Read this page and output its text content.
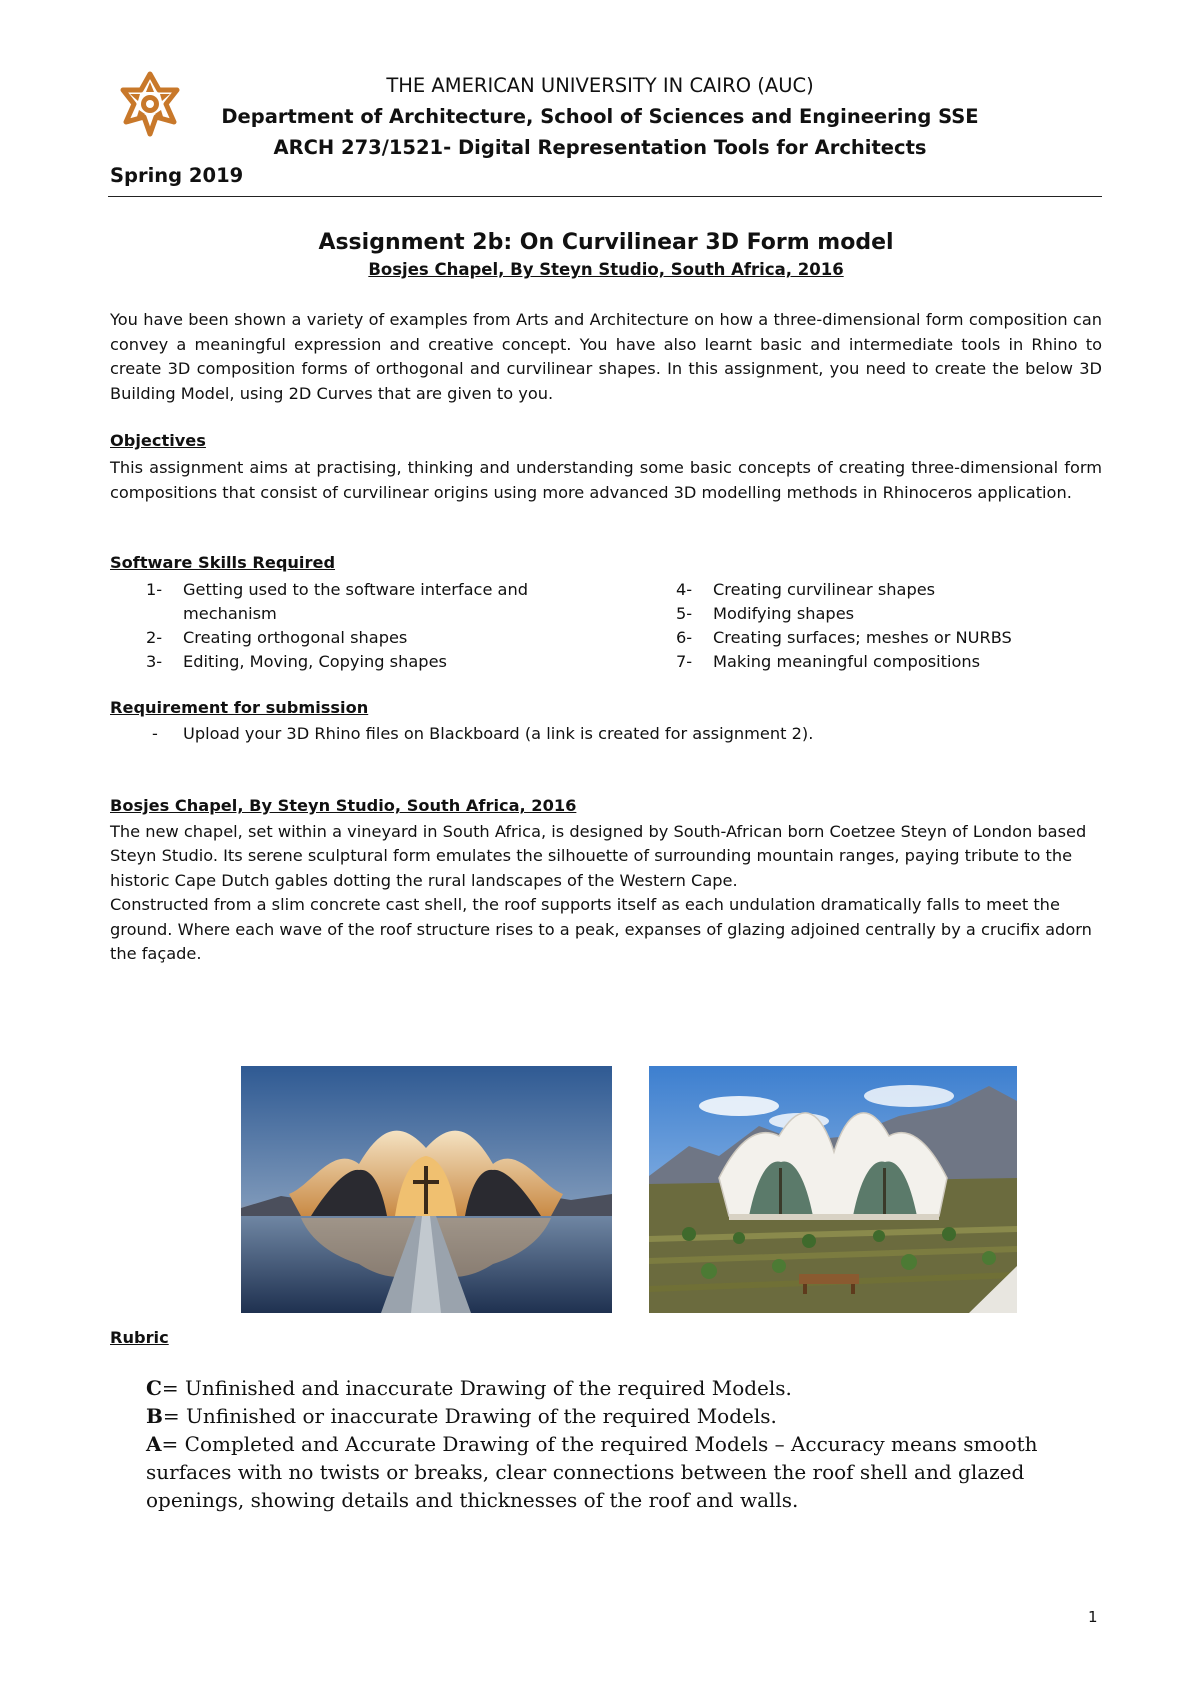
THE AMERICAN UNIVERSITY IN CAIRO (AUC)
Department of Architecture, School of Sciences and Engineering SSE
ARCH 273/1521- Digital Representation Tools for Architects
Spring 2019
Assignment 2b: On Curvilinear 3D Form model
Bosjes Chapel, By Steyn Studio, South Africa, 2016
You have been shown a variety of examples from Arts and Architecture on how a three-dimensional form composition can convey a meaningful expression and creative concept. You have also learnt basic and intermediate tools in Rhino to create 3D composition forms of orthogonal and curvilinear shapes. In this assignment, you need to create the below 3D Building Model, using 2D Curves that are given to you.
Objectives
This assignment aims at practising, thinking and understanding some basic concepts of creating three-dimensional form compositions that consist of curvilinear origins using more advanced 3D modelling methods in Rhinoceros application.
Software Skills Required
1- Getting used to the software interface and mechanism
2- Creating orthogonal shapes
3- Editing, Moving, Copying shapes
4- Creating curvilinear shapes
5- Modifying shapes
6- Creating surfaces; meshes or NURBS
7- Making meaningful compositions
Requirement for submission
- Upload your 3D Rhino files on Blackboard (a link is created for assignment 2).
Bosjes Chapel, By Steyn Studio, South Africa, 2016
The new chapel, set within a vineyard in South Africa, is designed by South-African born Coetzee Steyn of London based Steyn Studio. Its serene sculptural form emulates the silhouette of surrounding mountain ranges, paying tribute to the historic Cape Dutch gables dotting the rural landscapes of the Western Cape.
Constructed from a slim concrete cast shell, the roof supports itself as each undulation dramatically falls to meet the ground. Where each wave of the roof structure rises to a peak, expanses of glazing adjoined centrally by a crucifix adorn the façade.
Rubric

C= Unfinished and inaccurate Drawing of the required Models.

B= Unfinished or inaccurate Drawing of the required Models.

A= Completed and Accurate Drawing of the required Models – Accuracy means smooth surfaces with no twists or breaks, clear connections between the roof shell and glazed openings, showing details and thicknesses of the roof and walls.

1
